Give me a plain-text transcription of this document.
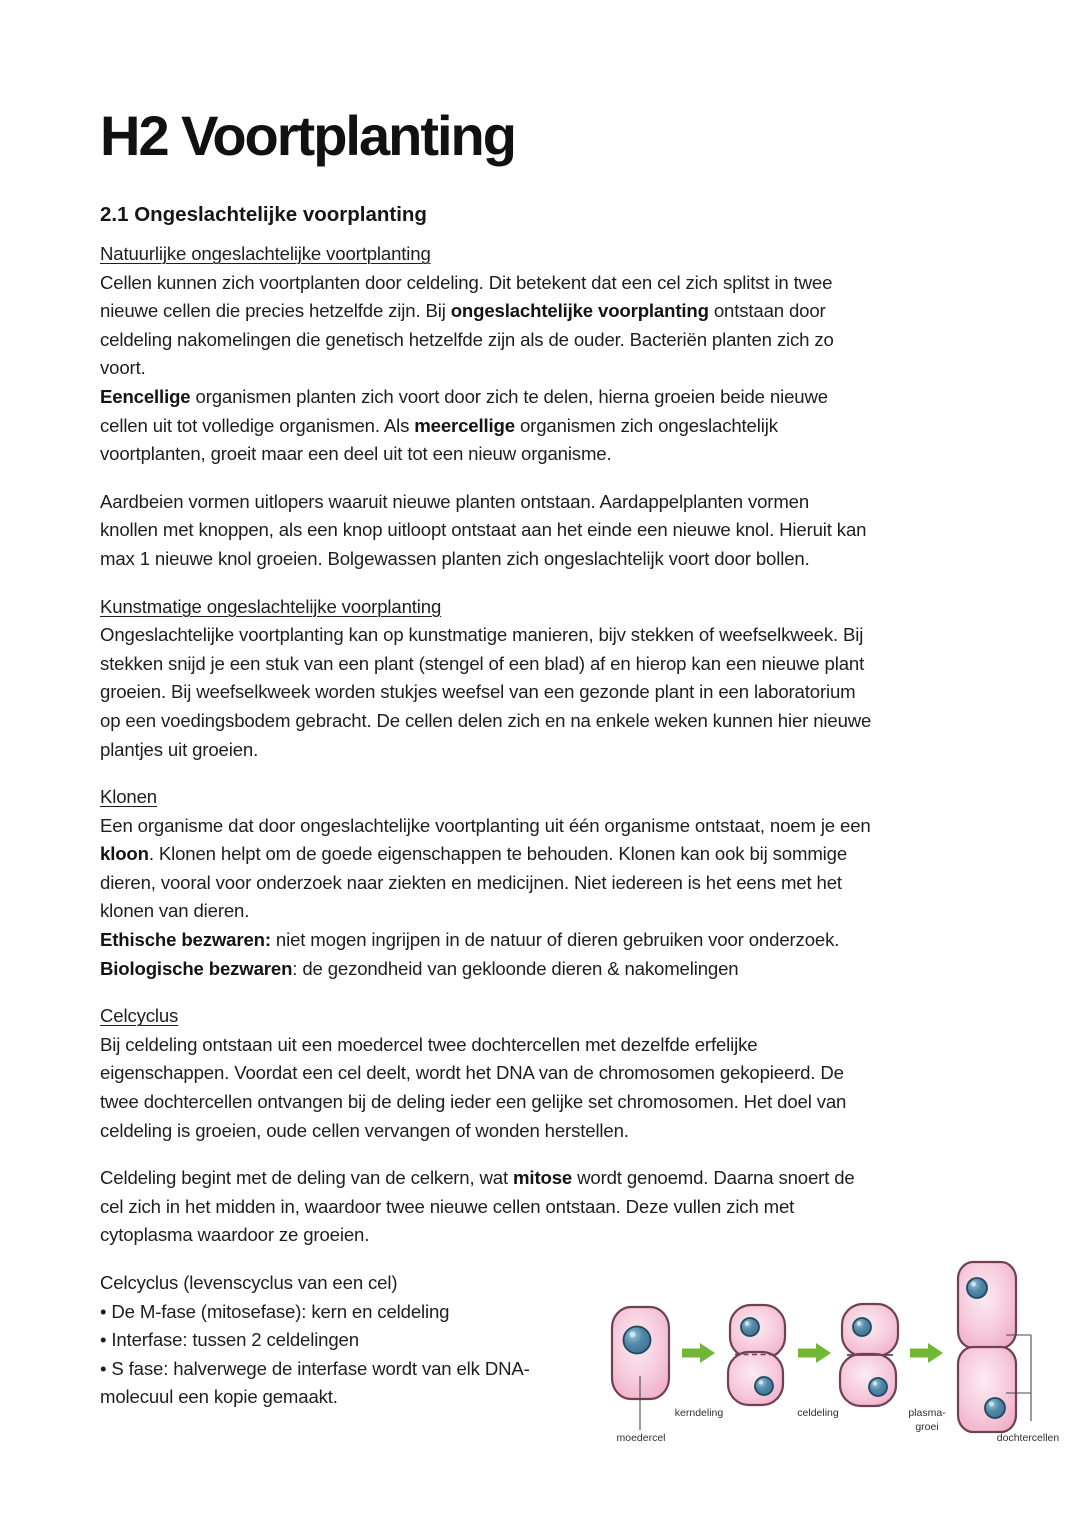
H2 Voortplanting
2.1 Ongeslachtelijke voorplanting
Natuurlijke ongeslachtelijke voortplanting
Cellen kunnen zich voortplanten door celdeling. Dit betekent dat een cel zich splitst in twee
nieuwe cellen die precies hetzelfde zijn. Bij ongeslachtelijke voorplanting ontstaan door
celdeling nakomelingen die genetisch hetzelfde zijn als de ouder. Bacteriën planten zich zo
voort.
Eencellige organismen planten zich voort door zich te delen, hierna groeien beide nieuwe
cellen uit tot volledige organismen. Als meercellige organismen zich ongeslachtelijk
voortplanten, groeit maar een deel uit tot een nieuw organisme.
Aardbeien vormen uitlopers waaruit nieuwe planten ontstaan. Aardappelplanten vormen
knollen met knoppen, als een knop uitloopt ontstaat aan het einde een nieuwe knol. Hieruit kan
max 1 nieuwe knol groeien. Bolgewassen planten zich ongeslachtelijk voort door bollen.
Kunstmatige ongeslachtelijke voorplanting
Ongeslachtelijke voortplanting kan op kunstmatige manieren, bijv stekken of weefselkweek. Bij
stekken snijd je een stuk van een plant (stengel of een blad) af en hierop kan een nieuwe plant
groeien. Bij weefselkweek worden stukjes weefsel van een gezonde plant in een laboratorium
op een voedingsbodem gebracht. De cellen delen zich en na enkele weken kunnen hier nieuwe
plantjes uit groeien.
Klonen
Een organisme dat door ongeslachtelijke voortplanting uit één organisme ontstaat, noem je een
kloon. Klonen helpt om de goede eigenschappen te behouden. Klonen kan ook bij sommige
dieren, vooral voor onderzoek naar ziekten en medicijnen. Niet iedereen is het eens met het
klonen van dieren.
Ethische bezwaren: niet mogen ingrijpen in de natuur of dieren gebruiken voor onderzoek.
Biologische bezwaren: de gezondheid van gekloonde dieren & nakomelingen
Celcyclus
Bij celdeling ontstaan uit een moedercel twee dochtercellen met dezelfde erfelijke
eigenschappen. Voordat een cel deelt, wordt het DNA van de chromosomen gekopieerd. De
twee dochtercellen ontvangen bij de deling ieder een gelijke set chromosomen. Het doel van
celdeling is groeien, oude cellen vervangen of wonden herstellen.
Celdeling begint met de deling van de celkern, wat mitose wordt genoemd. Daarna snoert de
cel zich in het midden in, waardoor twee nieuwe cellen ontstaan. Deze vullen zich met
cytoplasma waardoor ze groeien.
Celcyclus (levenscyclus van een cel)
• De M-fase (mitosefase): kern en celdeling
• Interfase: tussen 2 celdelingen
• S fase: halverwege de interfase wordt van elk DNA-
molecuul een kopie gemaakt.
moedercel
kerndeling	celdeling	plasma-
groei
dochtercellen
